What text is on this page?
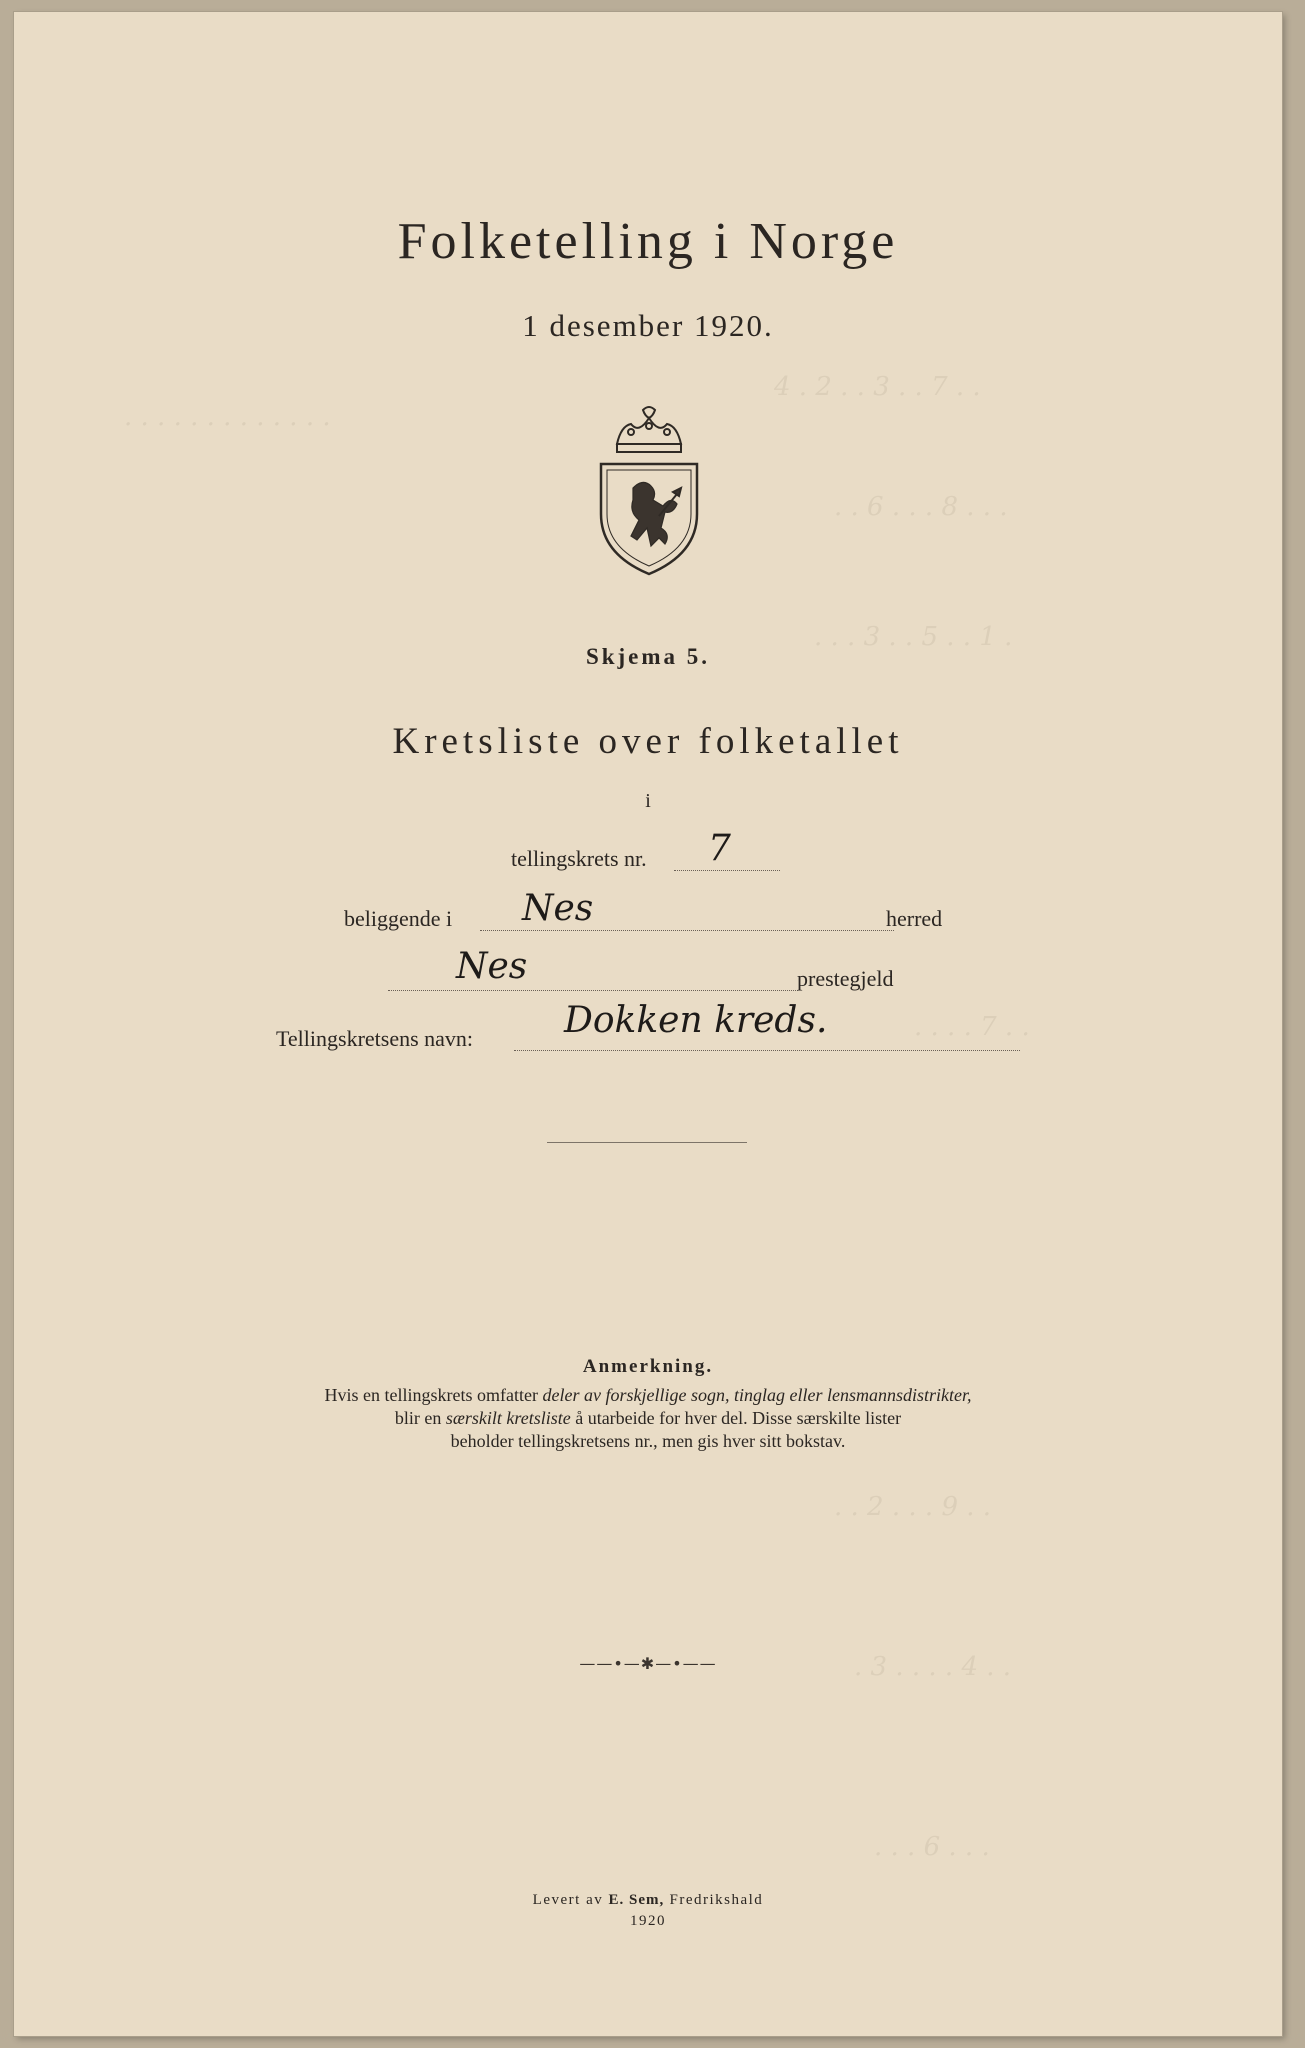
. . . . . . . . . . . . .
4 . 2 . . 3 . . 7 . .
. . 6 . . . 8 . . .
. . . 3 . . 5 . . 1 .
. . . . 7 . .
. . 2 . . . 9 . .
. 3 . . . . 4 . .
. . . 6 . . .
Folketelling i Norge
1 desember 1920.
Skjema 5.
Kretsliste over folketallet
i
tellingskrets nr. 7
beliggende i Nes	herred
Nes	prestegjeld
Tellingskretsens navn:	Dokken kreds.
Anmerkning.
Hvis en tellingskrets omfatter deler av forskjellige sogn, tinglag eller lensmannsdistrikter,
blir en særskilt kretsliste å utarbeide for hver del. Disse særskilte lister
beholder tellingskretsens nr., men gis hver sitt bokstav.
——•—✱—•——
Levert av E. Sem, Fredrikshald
1920
